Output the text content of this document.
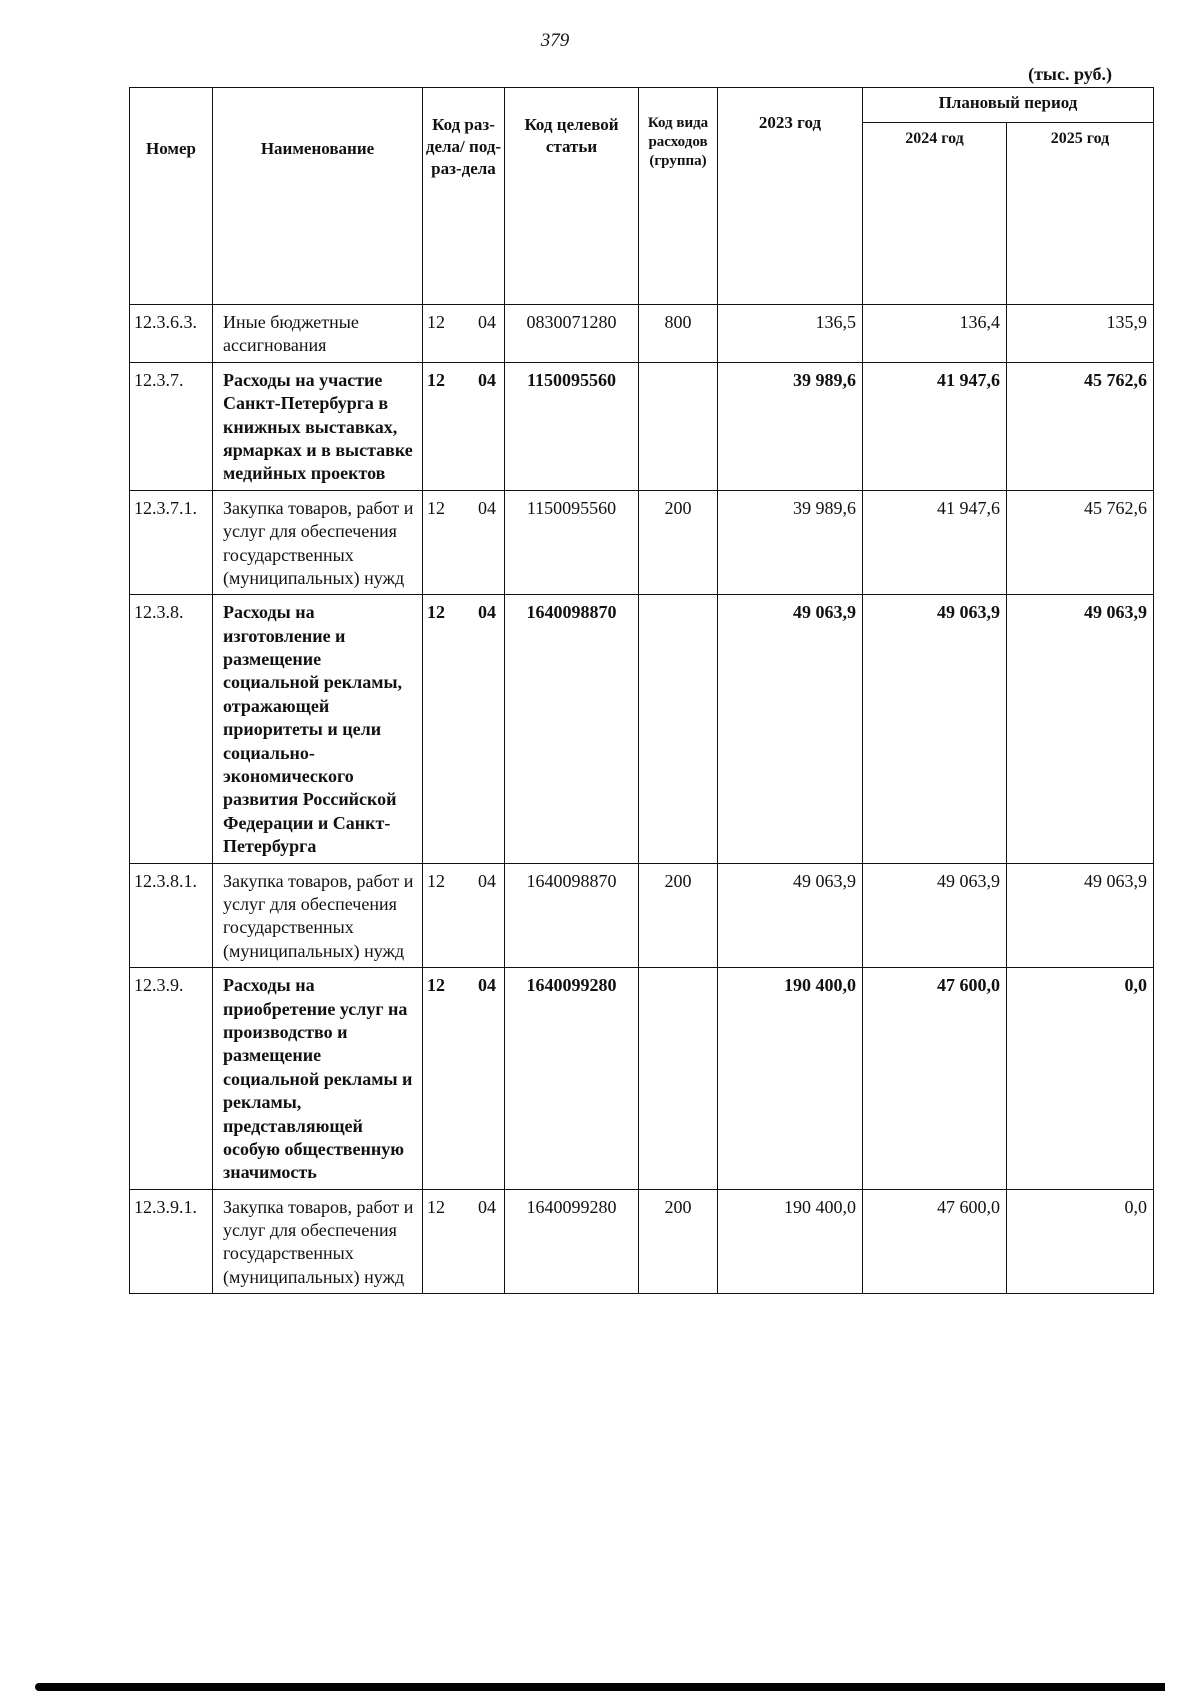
379
(тыс. руб.)
Номер	Наименование	Код раз-дела/ под-раз-дела	Код целевой статьи	Код вида расходов (группа)	2023 год	Плановый период	
						2024 год	2025 год
12.3.6.3.	Иные бюджетные ассигнования	12 04	0830071280	800	136,5	136,4	135,9
12.3.7.	Расходы на участие Санкт-Петербурга в книжных выставках, ярмарках и в выставке медийных проектов	12 04	1150095560		39 989,6	41 947,6	45 762,6
12.3.7.1.	Закупка товаров, работ и услуг для обеспечения государственных (муниципальных) нужд	12 04	1150095560	200	39 989,6	41 947,6	45 762,6
12.3.8.	Расходы на изготовление и размещение социальной рекламы, отражающей приоритеты и цели социально-экономического развития Российской Федерации и Санкт-Петербурга	12 04	1640098870		49 063,9	49 063,9	49 063,9
12.3.8.1.	Закупка товаров, работ и услуг для обеспечения государственных (муниципальных) нужд	12 04	1640098870	200	49 063,9	49 063,9	49 063,9
12.3.9.	Расходы на приобретение услуг на производство и размещение социальной рекламы и рекламы, представляющей особую общественную значимость	12 04	1640099280		190 400,0	47 600,0	0,0
12.3.9.1.	Закупка товаров, работ и услуг для обеспечения государственных (муниципальных) нужд	12 04	1640099280	200	190 400,0	47 600,0	0,0
